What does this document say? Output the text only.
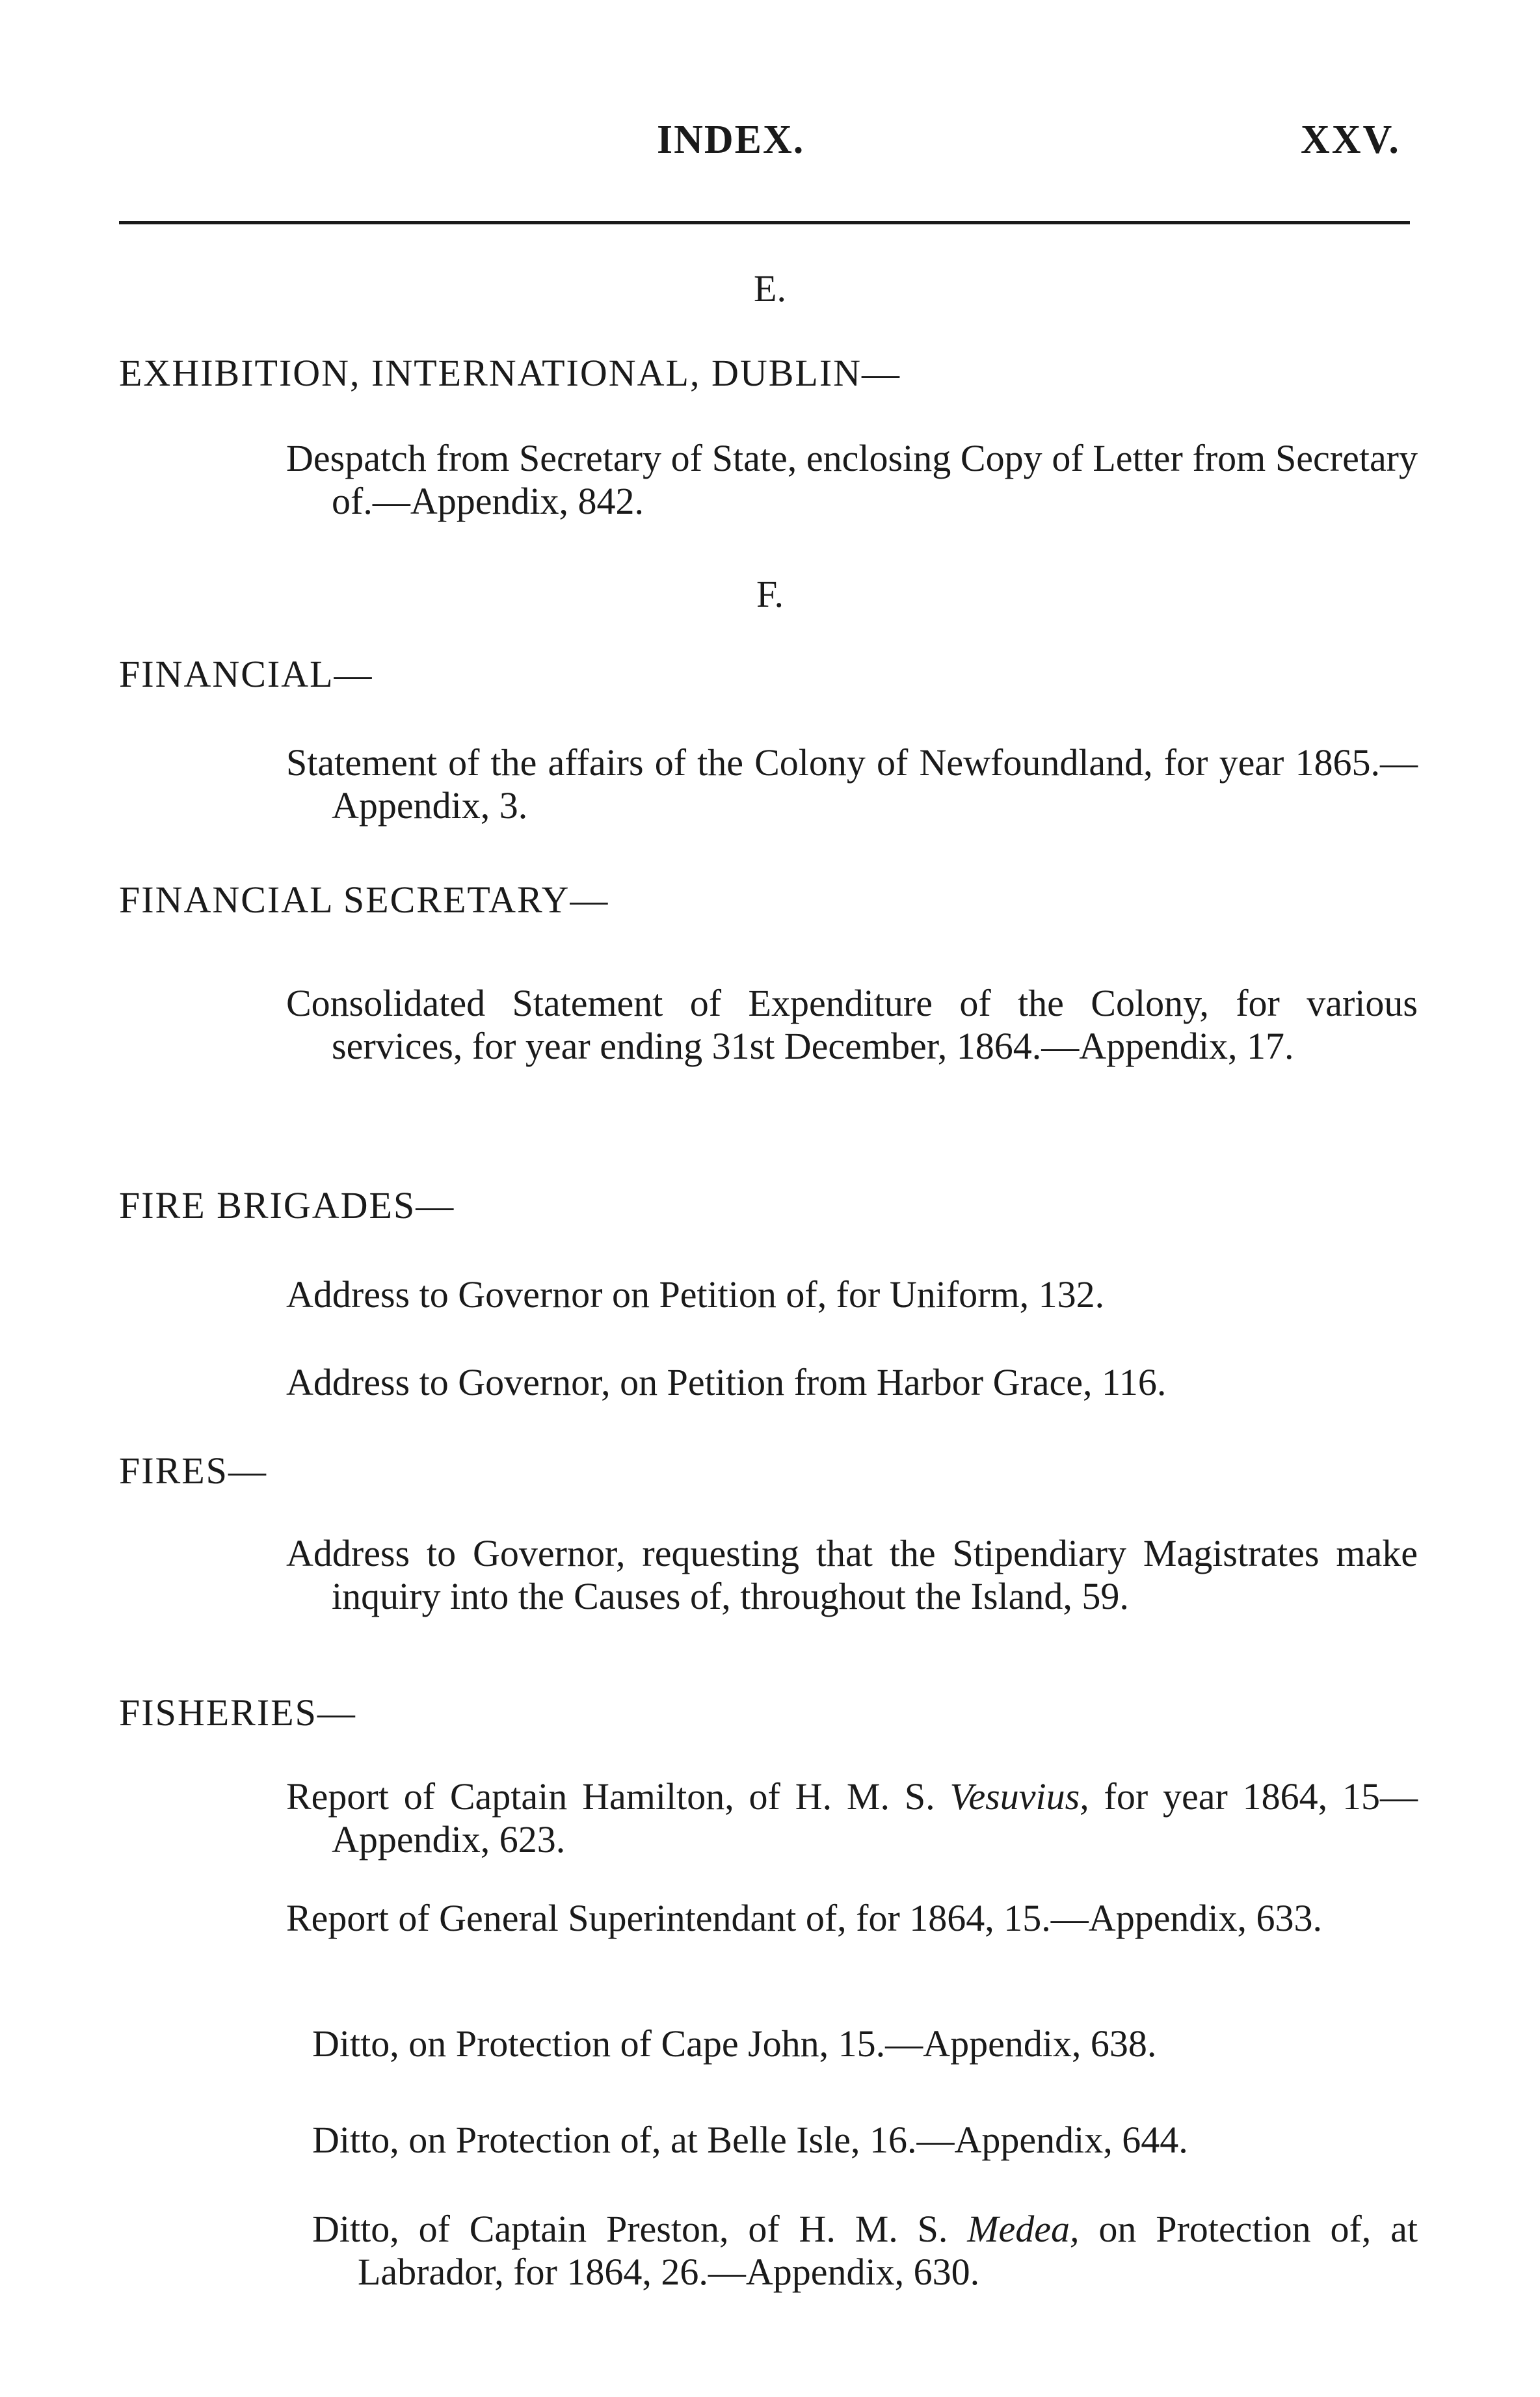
INDEX.	XXV.
E.
EXHIBITION, INTERNATIONAL, DUBLIN—
Despatch from Secretary of State, enclosing Copy of Letter from Secretary of.—Appendix, 842.
F.
FINANCIAL—
Statement of the affairs of the Colony of Newfoundland, for year 1865.—Appendix, 3.
FINANCIAL SECRETARY—
Consolidated Statement of Expenditure of the Colony, for various services, for year ending 31st December, 1864.—Appendix, 17.
FIRE BRIGADES—
Address to Governor on Petition of, for Uniform, 132.
Address to Governor, on Petition from Harbor Grace, 116.
FIRES—
Address to Governor, requesting that the Stipendiary Magistrates make inquiry into the Causes of, throughout the Island, 59.
FISHERIES—
Report of Captain Hamilton, of H. M. S. Vesuvius, for year 1864, 15—Appendix, 623.
Report of General Superintendant of, for 1864, 15.—Appendix, 633.
Ditto, on Protection of Cape John, 15.—Appendix, 638.
Ditto, on Protection of, at Belle Isle, 16.—Appendix, 644.
Ditto, of Captain Preston, of H. M. S. Medea, on Protection of, at Labrador, for 1864, 26.—Appendix, 630.
